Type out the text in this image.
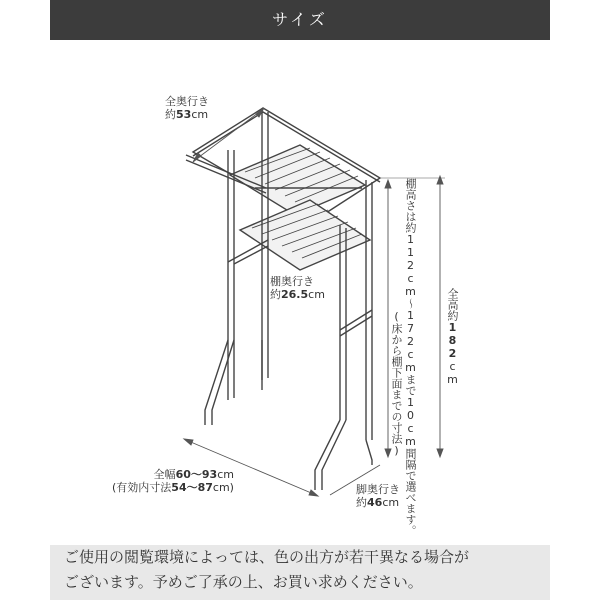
サイズ
全奥行き
約53cm
棚奥行き
約26.5cm
全幅60〜93cm
(有効内寸法54〜87cm)	脚奥行き
約46cm 棚高さは約112cm〜172cmまで10cm間隔で選べます。
(床から棚下面までの寸法)
全高約182cm
ご使用の閲覧環境によっては、色の出方が若干異なる場合が
ございます。予めご了承の上、お買い求めください。
